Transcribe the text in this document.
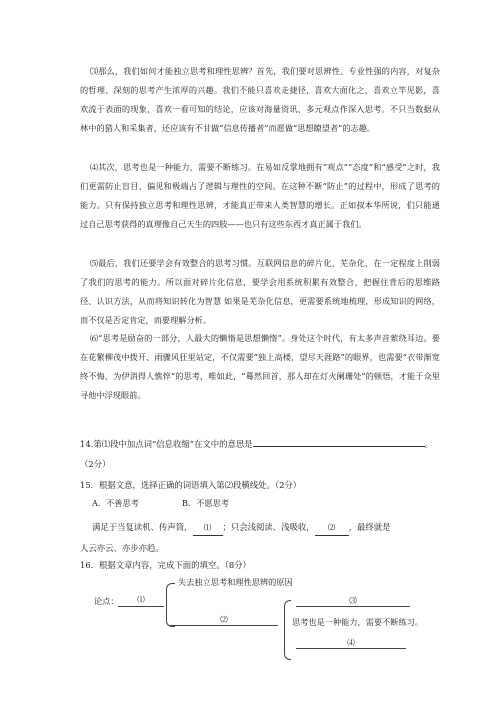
⑶那么，我们如何才能独立思考和理性思辨？首先，我们要对思辨性、专业性强的内容，对复杂的哲理、深刻的思考产生浓厚的兴趣。我们不能只喜欢走捷径，喜欢大面化之，喜欢立竿见影，喜欢流于表面的现象，喜欢一看可知的结论，应该对海量资讯、多元观点作深入思考。不只当数据从林中的猎人和采集者，还应该有不甘做“信息传播者”而愿做“思想瞭望者”的志趣。

⑷其次，思考也是一种能力，需要不断练习。在易如反掌地拥有“观点”“态度”和“感受”之时，我们更需防止盲目、偏见和极端占了逻辑与理性的空间。在这种不断“防止”的过程中，形成了思考的能力。只有保持独立思考和理性思辨，才能真正带来人类智慧的增长。正如叔本华所说，们只能通过自己思考获得的真理像自己天生的四肢——也只有这些东西才真正属于我们。

⑸最后，我们还要学会有效整合的思考习惯。互联网信息的碎片化、芜杂化，在一定程度上削弱了我们的思考的能力。所以面对碎片化信息，要学会用系统积累有效整合，把握住背后的思维路径、认识方法，从而将知识转化为智慧 如果是芜杂化信息，更需要系统地梳理，形成知识的网络，而不仅是否定肯定，而要理解分析。

⑹“思考是励奋的一部分，人最大的懒惰是思想懒惰”。身处这个时代，有太多声音萦绕耳边。要在花繁柳茂中拨开、雨骤风狂里站定，不仅需要“独上高楼，望尽天涯路”的眼界，也需要“衣带渐宽终不悔，为伊消得人憔悴”的思考，唯如此，“蓦然回首，那人却在灯火阑珊处”的顿悟，才能于众里寻他中浮现眼前。

14.第⑴段中加点词“信息收缩”在文中的意思是	。
（2分）
15．根据文意，选择正确的词语填入第⑵段横线处。（2分）
A．不善思考	B．不愿思考
满足于当复读机、传声筒， ⑴ ；只会浅阅读、浅吸收， ⑵ ，最终就是
人云亦云、亦步亦趋。
16．根据文章内容，完成下面的填空。（8分）
论点：	⑴
失去独立思考和理性思辨的原因
⑵
⑶
思考也是一种能力，需要不断练习。
⑷
